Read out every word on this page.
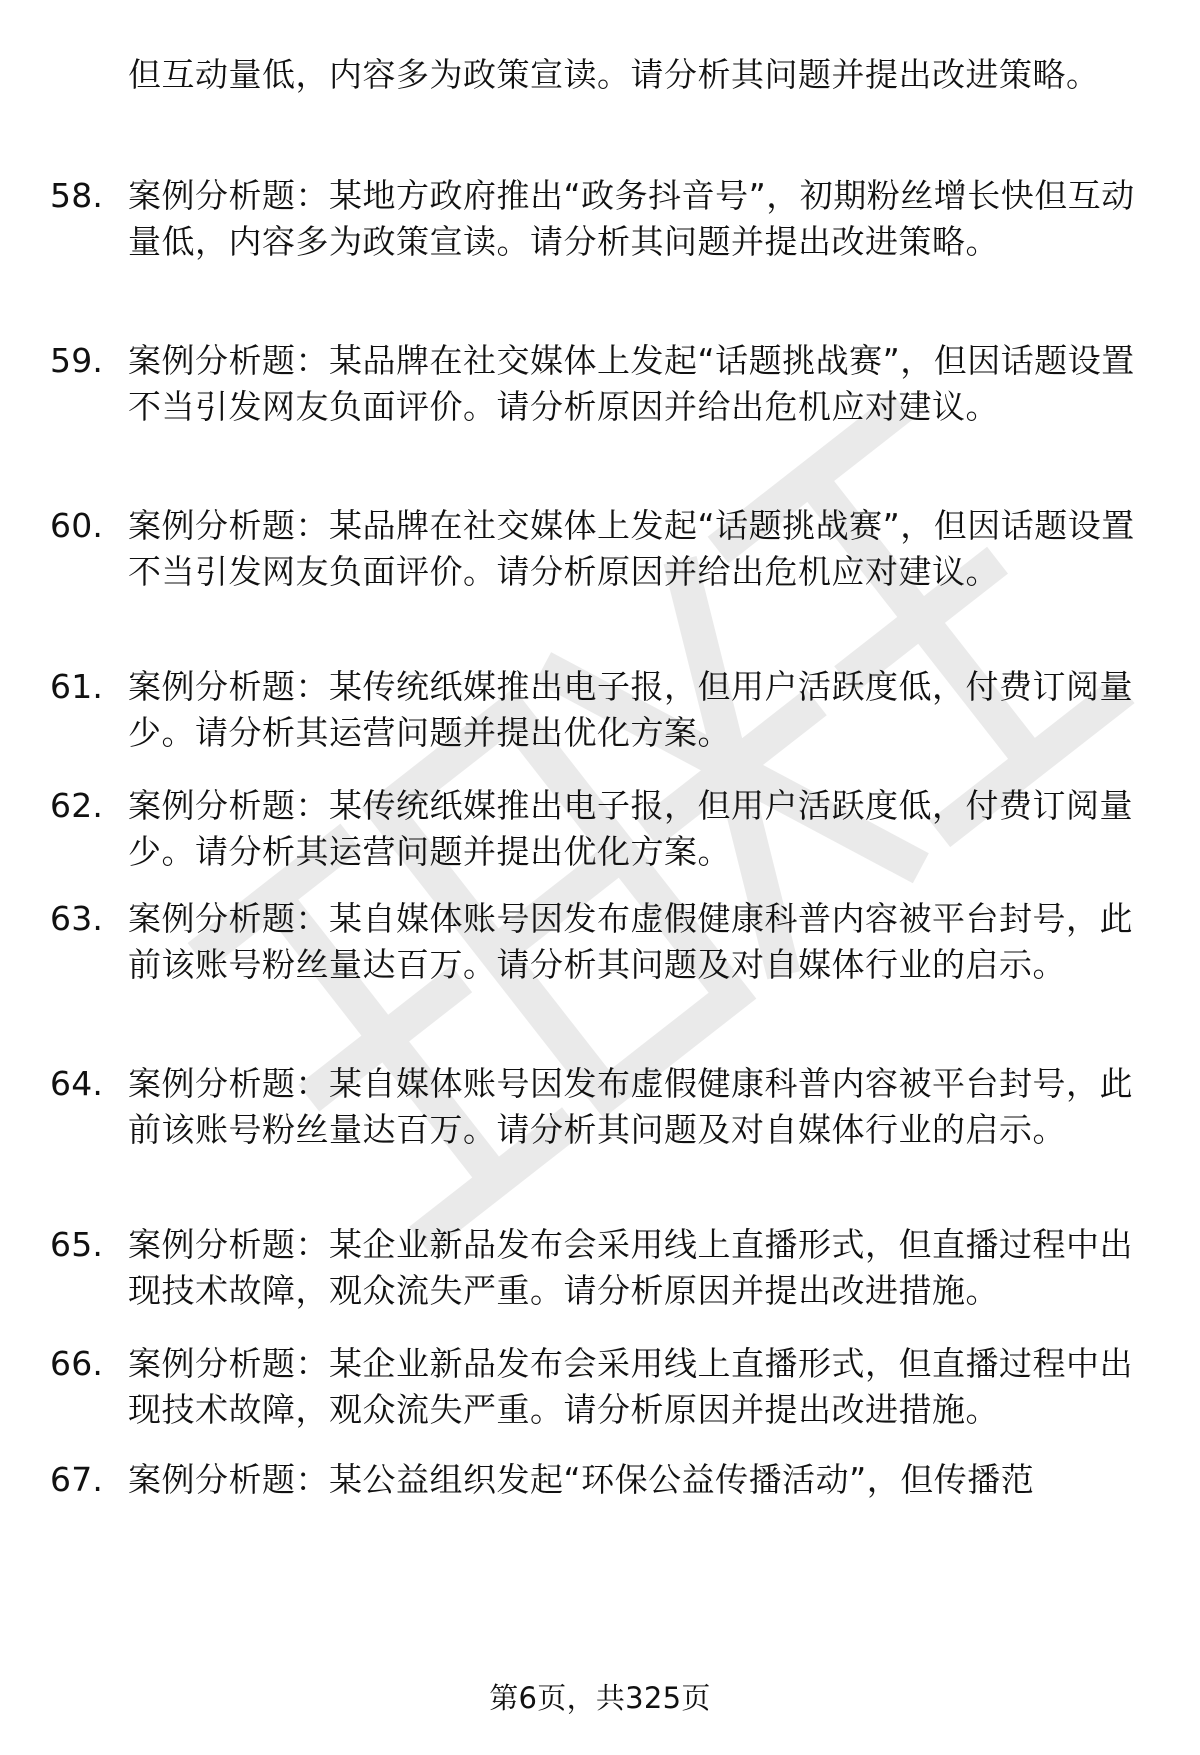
但互动量低，内容多为政策宣读。请分析其问题并提出改进策略。
58. 案例分析题：某地方政府推出“政务抖音号”，初期粉丝增长快但互动量低，内容多为政策宣读。请分析其问题并提出改进策略。
59. 案例分析题：某品牌在社交媒体上发起“话题挑战赛”，但因话题设置不当引发网友负面评价。请分析原因并给出危机应对建议。
60. 案例分析题：某品牌在社交媒体上发起“话题挑战赛”，但因话题设置不当引发网友负面评价。请分析原因并给出危机应对建议。
61. 案例分析题：某传统纸媒推出电子报，但用户活跃度低，付费订阅量少。请分析其运营问题并提出优化方案。
62. 案例分析题：某传统纸媒推出电子报，但用户活跃度低，付费订阅量少。请分析其运营问题并提出优化方案。
63. 案例分析题：某自媒体账号因发布虚假健康科普内容被平台封号，此前该账号粉丝量达百万。请分析其问题及对自媒体行业的启示。
64. 案例分析题：某自媒体账号因发布虚假健康科普内容被平台封号，此前该账号粉丝量达百万。请分析其问题及对自媒体行业的启示。
65. 案例分析题：某企业新品发布会采用线上直播形式，但直播过程中出现技术故障，观众流失严重。请分析原因并提出改进措施。
66. 案例分析题：某企业新品发布会采用线上直播形式，但直播过程中出现技术故障，观众流失严重。请分析原因并提出改进措施。
67. 案例分析题：某公益组织发起“环保公益传播活动”，但传播范
第6页，共325页
